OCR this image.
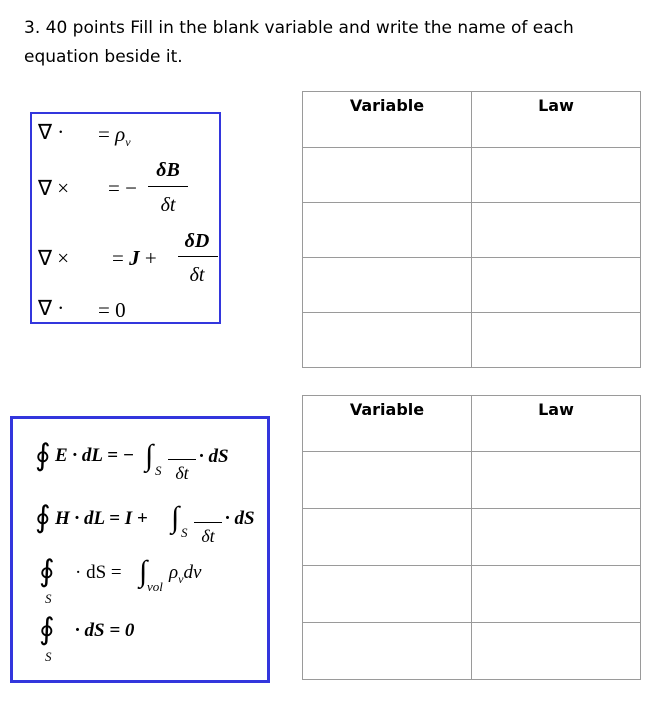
3. 40 points Fill in the blank variable and write the name of each equation beside it.

∇ · = $\rho_v$
∇ × = −
δB
δt
∇ × = J +
δD
δt
∇ · = 0
∮ E · dL = − ∫ S δt
· dS
∮ H · dL = I + ∫ S δt
· dS
∮
S
· dS = ∫ vol
$\rho_vdv$
∮
S
· dS = 0
Variable	Law

Variable	Law
